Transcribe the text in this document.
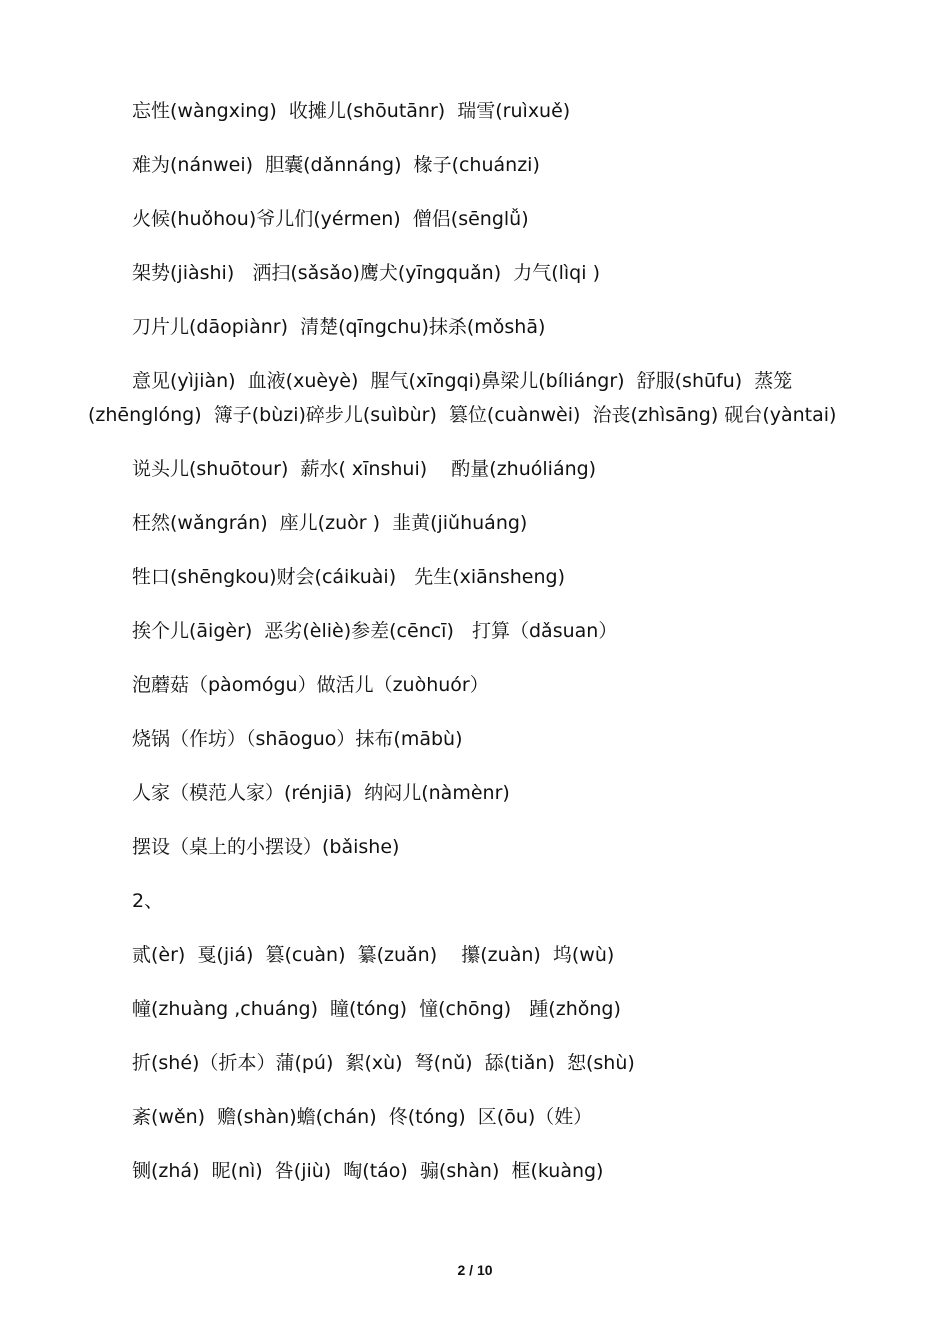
忘性(wàngxing)  收摊儿(shōutānr)  瑞雪(ruìxuě)
难为(nánwei)  胆囊(dǎnnáng)  椽子(chuánzi)
火候(huǒhou)爷儿们(yérmen)  僧侣(sēnglǚ)
架势(jiàshi)   洒扫(sǎsǎo)鹰犬(yīngquǎn)  力气(lìqi )
刀片儿(dāopiànr)  清楚(qīngchu)抹杀(mǒshā)
意见(yìjiàn)  血液(xuèyè)  腥气(xīngqi)鼻梁儿(bíliángr)  舒服(shūfu)  蒸笼(zhēnglóng)  簿子(bùzi)碎步儿(suìbùr)  篡位(cuànwèi)  治丧(zhìsāng) 砚台(yàntai)
说头儿(shuōtour)  薪水( xīnshui)    酌量(zhuóliáng)
枉然(wǎngrán)  座儿(zuòr )  韭黄(jiǔhuáng)
牲口(shēngkou)财会(cáikuài)   先生(xiānsheng)
挨个儿(āigèr)  恶劣(èliè)参差(cēncī)   打算（dǎsuan）
泡蘑菇（pàomógu）做活儿（zuòhuór）
烧锅（作坊）（shāoguo）抹布(mābù)
人家（模范人家）(rénjiā)  纳闷儿(nàmènr)
摆设（桌上的小摆设）(bǎishe)
2、
贰(èr)  戛(jiá)  篡(cuàn)  纂(zuǎn)    攥(zuàn)  坞(wù)
幢(zhuàng ,chuáng)  瞳(tóng)  憧(chōng)   踵(zhǒng)
折(shé)（折本）蒲(pú)  絮(xù)  弩(nǔ)  舔(tiǎn)  恕(shù)
紊(wěn)  赡(shàn)蟾(chán)  佟(tóng)  区(ōu)（姓）
铡(zhá)  昵(nì)  咎(jiù)  啕(táo)  骟(shàn)  框(kuàng)
2 / 10
